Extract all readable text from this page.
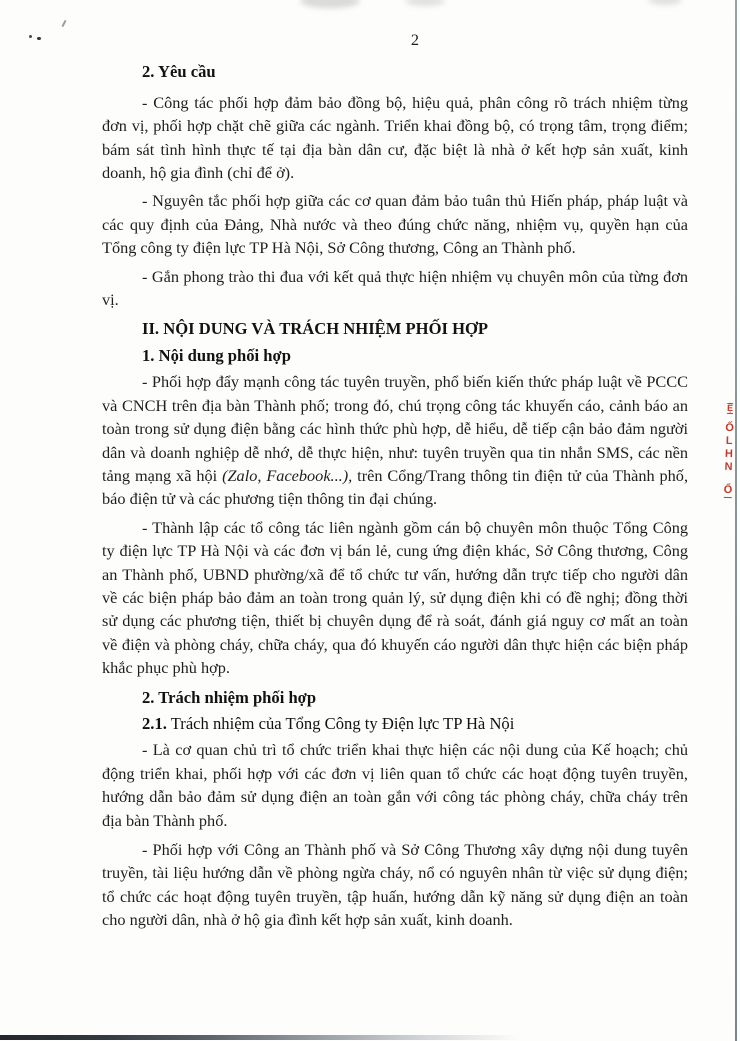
2

2. Yêu cầu

- Công tác phối hợp đảm bảo đồng bộ, hiệu quả, phân công rõ trách nhiệm từng đơn vị, phối hợp chặt chẽ giữa các ngành. Triển khai đồng bộ, có trọng tâm, trọng điểm; bám sát tình hình thực tế tại địa bàn dân cư, đặc biệt là nhà ở kết hợp sản xuất, kinh doanh, hộ gia đình (chỉ để ở).

- Nguyên tắc phối hợp giữa các cơ quan đảm bảo tuân thủ Hiến pháp, pháp luật và các quy định của Đảng, Nhà nước và theo đúng chức năng, nhiệm vụ, quyền hạn của Tổng công ty điện lực TP Hà Nội, Sở Công thương, Công an Thành phố.

- Gắn phong trào thi đua với kết quả thực hiện nhiệm vụ chuyên môn của từng đơn vị.

II. NỘI DUNG VÀ TRÁCH NHIỆM PHỐI HỢP
1. Nội dung phối hợp

- Phối hợp đẩy mạnh công tác tuyên truyền, phổ biến kiến thức pháp luật về PCCC và CNCH trên địa bàn Thành phố; trong đó, chú trọng công tác khuyến cáo, cảnh báo an toàn trong sử dụng điện bằng các hình thức phù hợp, dễ hiểu, dễ tiếp cận bảo đảm người dân và doanh nghiệp dễ nhớ, dễ thực hiện, như: tuyên truyền qua tin nhắn SMS, các nền tảng mạng xã hội (Zalo, Facebook...), trên Cổng/Trang thông tin điện tử của Thành phố, báo điện tử và các phương tiện thông tin đại chúng.

- Thành lập các tổ công tác liên ngành gồm cán bộ chuyên môn thuộc Tổng Công ty điện lực TP Hà Nội và các đơn vị bán lẻ, cung ứng điện khác, Sở Công thương, Công an Thành phố, UBND phường/xã để tổ chức tư vấn, hướng dẫn trực tiếp cho người dân về các biện pháp bảo đảm an toàn trong quản lý, sử dụng điện khi có đề nghị; đồng thời sử dụng các phương tiện, thiết bị chuyên dụng để rà soát, đánh giá nguy cơ mất an toàn về điện và phòng cháy, chữa cháy, qua đó khuyến cáo người dân thực hiện các biện pháp khắc phục phù hợp.

2. Trách nhiệm phối hợp
2.1. Trách nhiệm của Tổng Công ty Điện lực TP Hà Nội

- Là cơ quan chủ trì tổ chức triển khai thực hiện các nội dung của Kế hoạch; chủ động triển khai, phối hợp với các đơn vị liên quan tổ chức các hoạt động tuyên truyền, hướng dẫn bảo đảm sử dụng điện an toàn gắn với công tác phòng cháy, chữa cháy trên địa bàn Thành phố.

- Phối hợp với Công an Thành phố và Sở Công Thương xây dựng nội dung tuyên truyền, tài liệu hướng dẫn về phòng ngừa cháy, nổ có nguyên nhân từ việc sử dụng điện; tổ chức các hoạt động tuyên truyền, tập huấn, hướng dẫn kỹ năng sử dụng điện an toàn cho người dân, nhà ở hộ gia đình kết hợp sản xuất, kinh doanh.

Ệ
Ố
L
H
N
Ổ
